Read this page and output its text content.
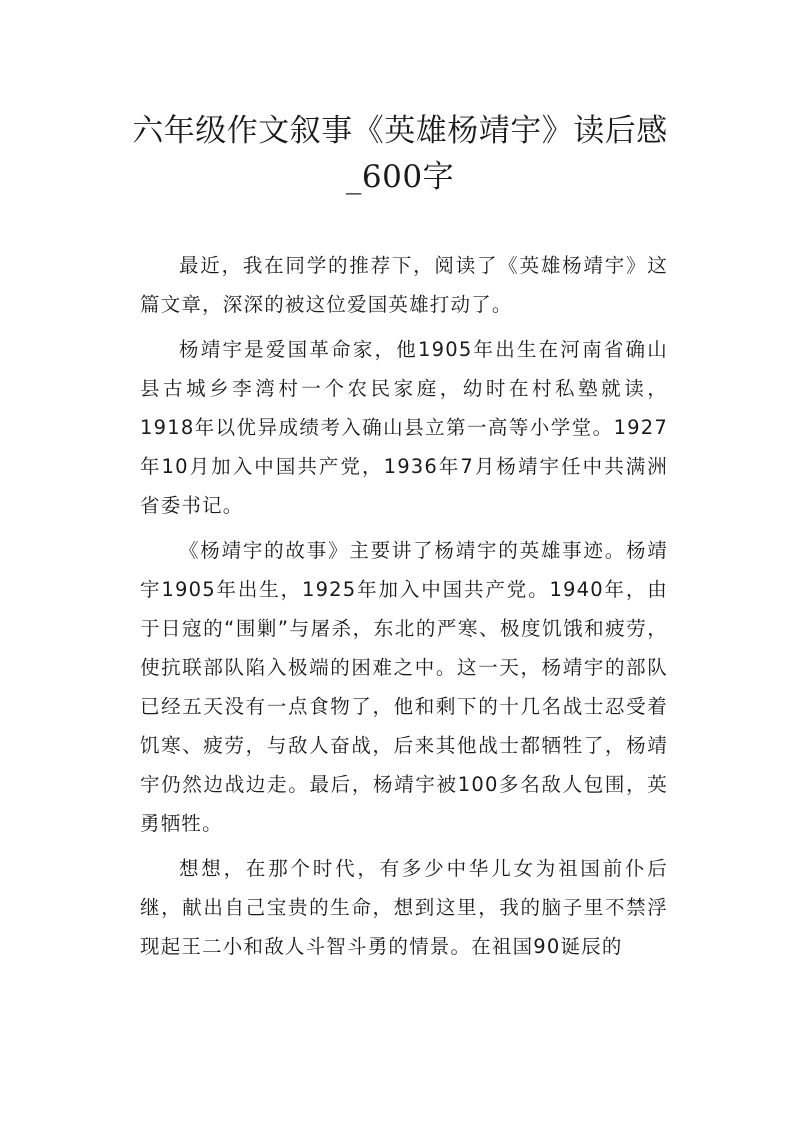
六年级作文叙事《英雄杨靖宇》读后感_600字

最近，我在同学的推荐下，阅读了《英雄杨靖宇》这篇文章，深深的被这位爱国英雄打动了。

杨靖宇是爱国革命家，他1905年出生在河南省确山县古城乡李湾村一个农民家庭，幼时在村私塾就读，1918年以优异成绩考入确山县立第一高等小学堂。1927年10月加入中国共产党，1936年7月杨靖宇任中共满洲省委书记。

《杨靖宇的故事》主要讲了杨靖宇的英雄事迹。杨靖宇1905年出生，1925年加入中国共产党。1940年，由于日寇的“围剿”与屠杀，东北的严寒、极度饥饿和疲劳，使抗联部队陷入极端的困难之中。这一天，杨靖宇的部队已经五天没有一点食物了，他和剩下的十几名战士忍受着饥寒、疲劳，与敌人奋战，后来其他战士都牺牲了，杨靖宇仍然边战边走。最后，杨靖宇被100多名敌人包围，英勇牺牲。

想想，在那个时代，有多少中华儿女为祖国前仆后继，献出自己宝贵的生命，想到这里，我的脑子里不禁浮现起王二小和敌人斗智斗勇的情景。在祖国90诞辰的
